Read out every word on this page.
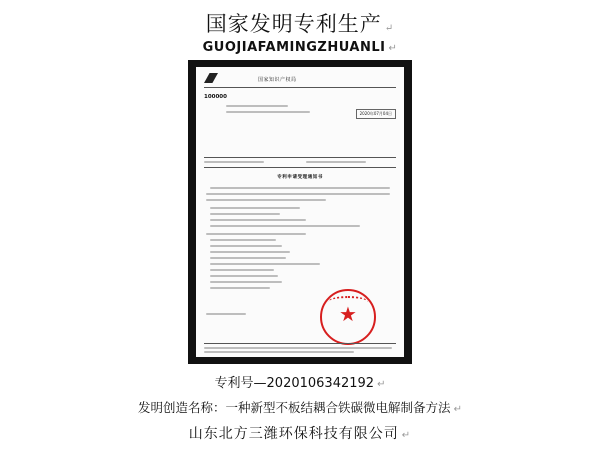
国家发明专利生产 ↵
GUOJIAFAMINGZHUANLI ↵
国家知识产权局
100000
2020年07月04日
专利申请受理通知书
★
专利号—2020106342192 ↵
发明创造名称：一种新型不板结耦合铁碳微电解制备方法 ↵
山东北方三潍环保科技有限公司 ↵
